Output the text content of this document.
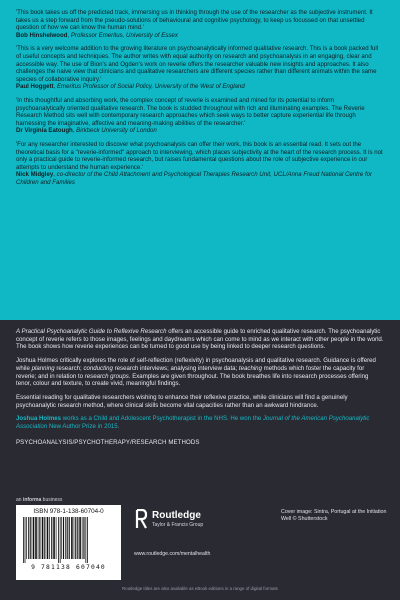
'This book takes us off the predicted track, immersing us in thinking through the use of the researcher as the subjective instrument. It takes us a step forward from the pseudo-solutions of behavioural and cognitive psychology, to keep us focussed on that unsettled question of how we can know the human mind.'

Bob Hinshelwood, Professor Emeritus, University of Essex

'This is a very welcome addition to the growing literature on psychoanalytically informed qualitative research. This is a book packed full of useful concepts and techniques. The author writes with equal authority on research and psychoanalysis in an engaging, clear and accessible way. The use of Bion's and Ogden's work on reverie offers the researcher valuable new insights and approaches. It also challenges the naive view that clinicians and qualitative researchers are different species rather than different animals within the same species of collaborative inquiry.'

Paul Hoggett, Emeritus Professor of Social Policy, University of the West of England

'In this thoughtful and absorbing work, the complex concept of reverie is examined and mined for its potential to inform psychoanalytically oriented qualitative research. The book is studded throughout with rich and illuminating examples. The Reverie Research Method sits well with contemporary research approaches which seek ways to better capture experiential life through harnessing the imaginative, affective and meaning-making abilities of the researcher.'

Dr Virginia Eatough, Birkbeck University of London

'For any researcher interested to discover what psychoanalysis can offer their work, this book is an essential read. It sets out the theoretical basis for a "reverie-informed" approach to interviewing, which places subjectivity at the heart of the research process. It is not only a practical guide to reverie-informed research, but raises fundamental questions about the role of subjective experience in our attempts to understand the human experience.'

Nick Midgley, co-director of the Child Attachment and Psychological Therapies Research Unit, UCL/Anna Freud National Centre for Children and Families

A Practical Psychoanalytic Guide to Reflexive Research offers an accessible guide to enriched qualitative research. The psychoanalytic concept of reverie refers to those images, feelings and daydreams which can come to mind as we interact with other people in the world. The book shows how reverie experiences can be turned to good use by being linked to deeper research questions.

Joshua Holmes critically explores the role of self-reflection (reflexivity) in psychoanalysis and qualitative research. Guidance is offered while planning research; conducting research interviews; analysing interview data; teaching methods which foster the capacity for reverie; and in relation to research groups. Examples are given throughout. The book breathes life into research processes offering tenor, colour and texture, to create vivid, meaningful findings.

Essential reading for qualitative researchers wishing to enhance their reflexive practice, while clinicians will find a genuinely psychoanalytic research method, where clinical skills become vital capacities rather than an awkward hindrance.

Joshua Holmes works as a Child and Adolescent Psychotherapist in the NHS. He won the Journal of the American Psychoanalytic Association New Author Prize in 2015.

PSYCHOANALYSIS/PSYCHOTHERAPY/RESEARCH METHODS

an informa business

ISBN 978-1-138-60704-0

9 781138 607040
Routledge
Taylor & Francis Group
www.routledge.com/mentalhealth
Cover image: Sintra, Portugal at the Initiation Well © Shutterstock
Routledge titles are also available as eBook editions in a range of digital formats
